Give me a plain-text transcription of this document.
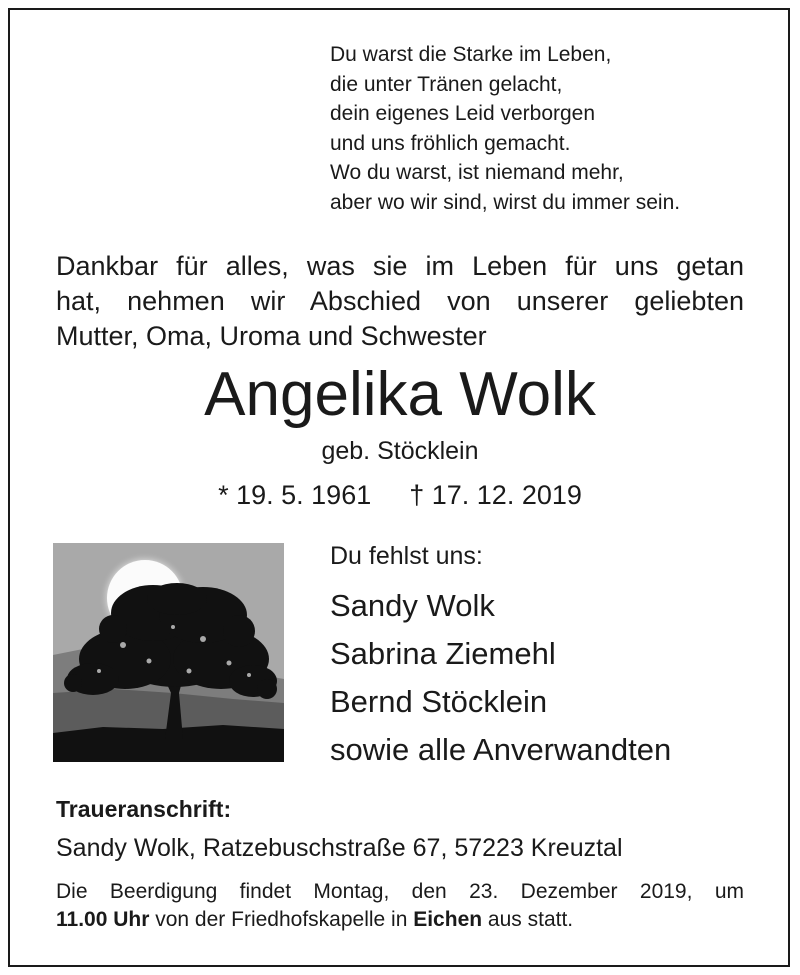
Du warst die Starke im Leben,
die unter Tränen gelacht,
dein eigenes Leid verborgen
und uns fröhlich gemacht.
Wo du warst, ist niemand mehr,
aber wo wir sind, wirst du immer sein.
Dankbar für alles, was sie im Leben für uns getan
hat, nehmen wir Abschied von unserer geliebten
Mutter, Oma, Uroma und Schwester
Angelika Wolk
geb. Stöcklein
* 19. 5. 1961 † 17. 12. 2019
Du fehlst uns:
Sandy Wolk
Sabrina Ziemehl
Bernd Stöcklein
sowie alle Anverwandten
Traueranschrift:
Sandy Wolk, Ratzebuschstraße 67, 57223 Kreuztal
Die Beerdigung findet Montag, den 23. Dezember 2019, um
11.00 Uhr von der Friedhofskapelle in Eichen aus statt.
